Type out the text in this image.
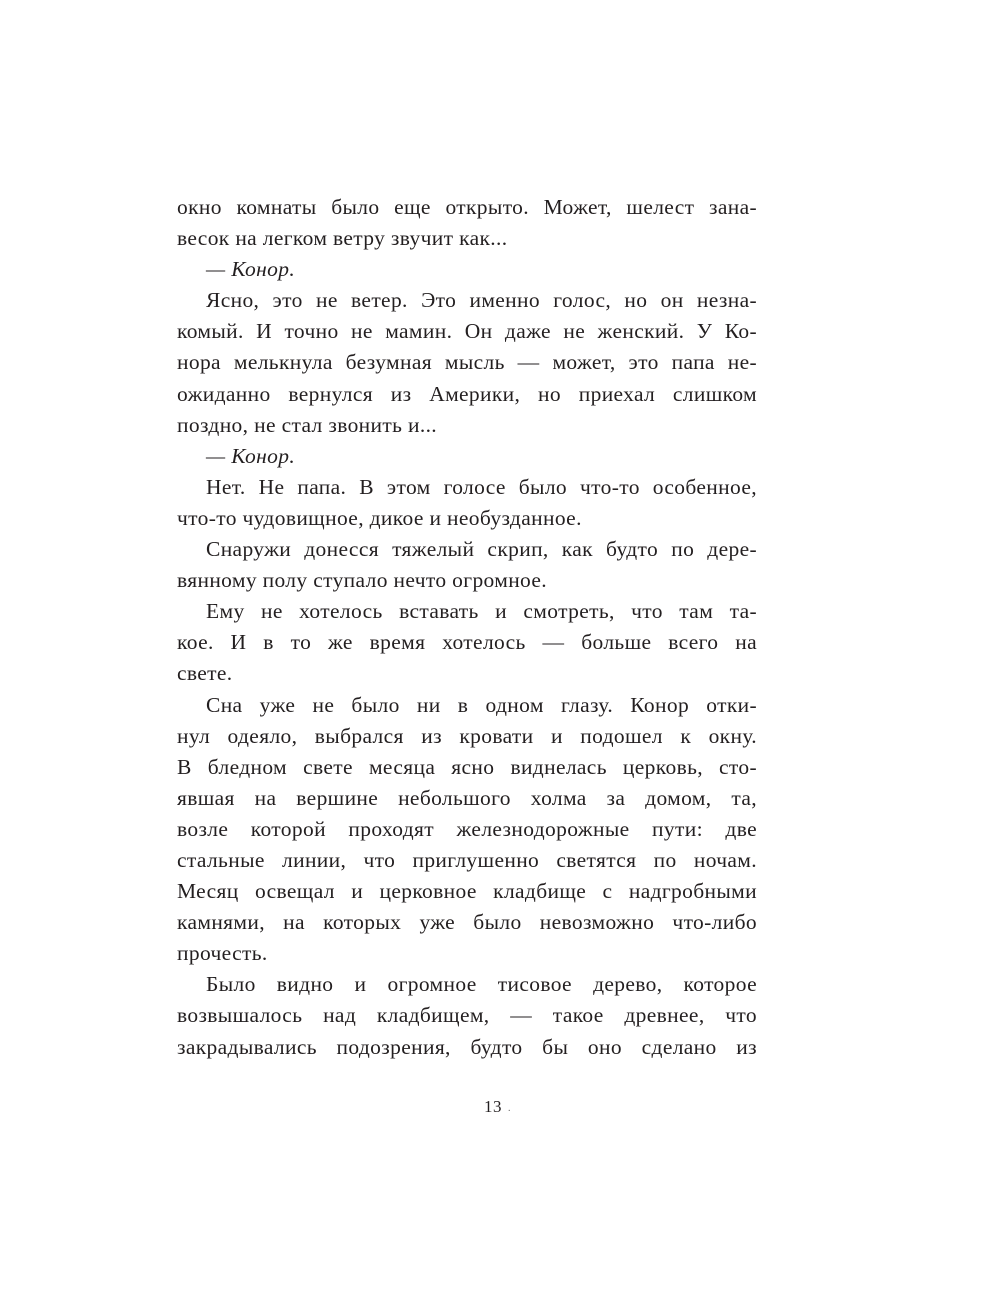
окно комнаты было еще открыто. Может, шелест зана-
весок на легком ветру звучит как...
— Конор.
Ясно, это не ветер. Это именно голос, но он незна-
комый. И точно не мамин. Он даже не женский. У Ко-
нора мелькнула безумная мысль — может, это папа не-
ожиданно вернулся из Америки, но приехал слишком
поздно, не стал звонить и...
— Конор.
Нет. Не папа. В этом голосе было что-то особенное,
что-то чудовищное, дикое и необузданное.
Снаружи донесся тяжелый скрип, как будто по дере-
вянному полу ступало нечто огромное.
Ему не хотелось вставать и смотреть, что там та-
кое. И в то же время хотелось — больше всего на
свете.
Сна уже не было ни в одном глазу. Конор отки-
нул одеяло, выбрался из кровати и подошел к окну.
В бледном свете месяца ясно виднелась церковь, сто-
явшая на вершине небольшого холма за домом, та,
возле которой проходят железнодорожные пути: две
стальные линии, что приглушенно светятся по ночам.
Месяц освещал и церковное кладбище с надгробными
камнями, на которых уже было невозможно что-либо
прочесть.
Было видно и огромное тисовое дерево, которое
возвышалось над кладбищем, — такое древнее, что
закрадывались подозрения, будто бы оно сделано из
13 .
